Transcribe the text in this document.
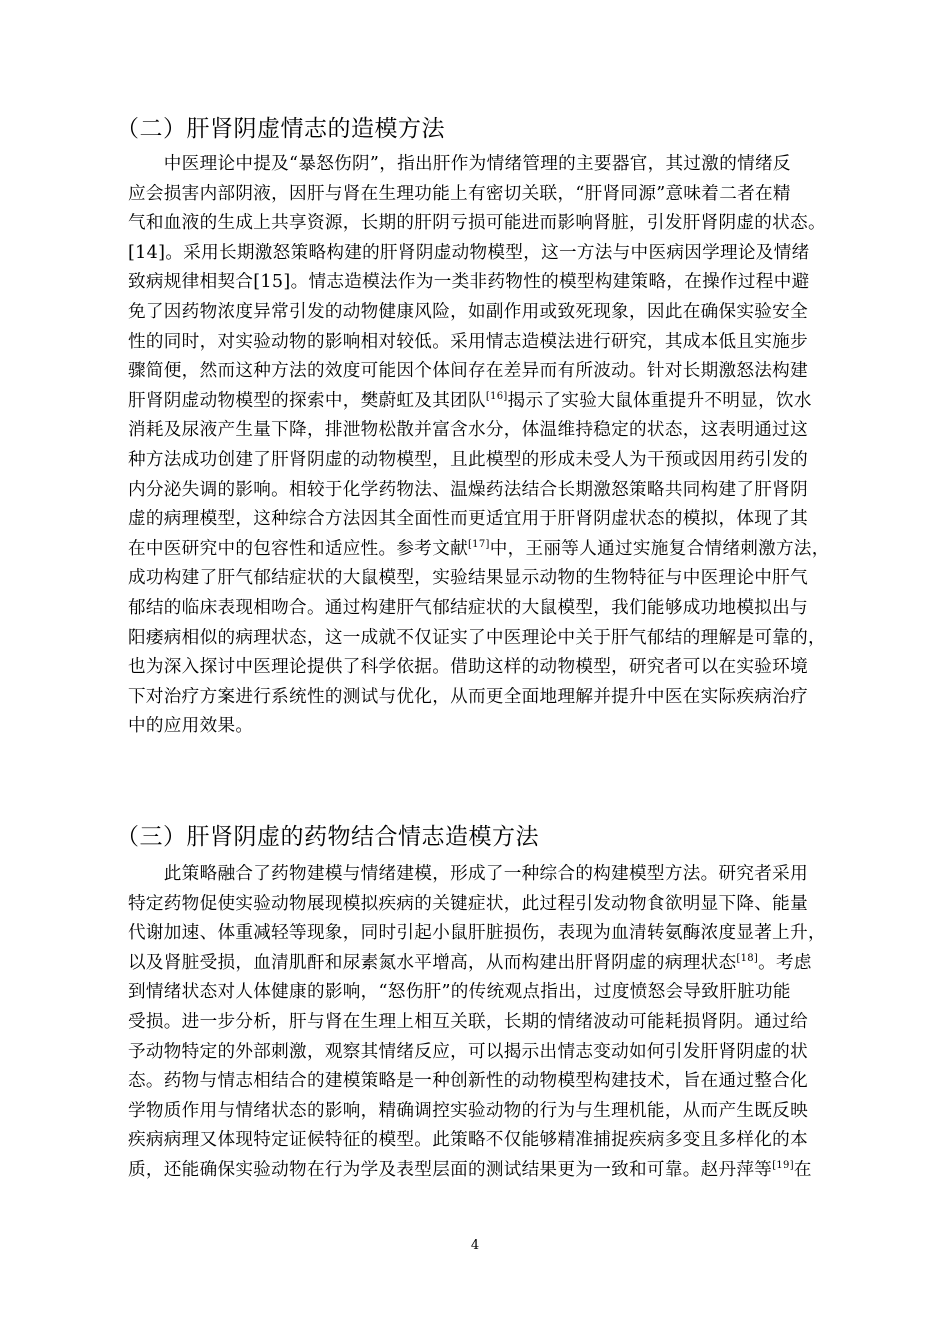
（二）肝肾阴虚情志的造模方法
　　中医理论中提及“暴怒伤阴”，指出肝作为情绪管理的主要器官，其过激的情绪反
应会损害内部阴液，因肝与肾在生理功能上有密切关联，“肝肾同源”意味着二者在精
气和血液的生成上共享资源，长期的肝阴亏损可能进而影响肾脏，引发肝肾阴虚的状态。
[14]。采用长期激怒策略构建的肝肾阴虚动物模型，这一方法与中医病因学理论及情绪
致病规律相契合[15]。情志造模法作为一类非药物性的模型构建策略，在操作过程中避
免了因药物浓度异常引发的动物健康风险，如副作用或致死现象，因此在确保实验安全
性的同时，对实验动物的影响相对较低。采用情志造模法进行研究，其成本低且实施步
骤简便，然而这种方法的效度可能因个体间存在差异而有所波动。针对长期激怒法构建
肝肾阴虚动物模型的探索中，樊蔚虹及其团队[16]揭示了实验大鼠体重提升不明显，饮水
消耗及尿液产生量下降，排泄物松散并富含水分，体温维持稳定的状态，这表明通过这
种方法成功创建了肝肾阴虚的动物模型，且此模型的形成未受人为干预或因用药引发的
内分泌失调的影响。相较于化学药物法、温燥药法结合长期激怒策略共同构建了肝肾阴
虚的病理模型，这种综合方法因其全面性而更适宜用于肝肾阴虚状态的模拟，体现了其
在中医研究中的包容性和适应性。参考文献[17]中，王丽等人通过实施复合情绪刺激方法，
成功构建了肝气郁结症状的大鼠模型，实验结果显示动物的生物特征与中医理论中肝气
郁结的临床表现相吻合。通过构建肝气郁结症状的大鼠模型，我们能够成功地模拟出与
阳痿病相似的病理状态，这一成就不仅证实了中医理论中关于肝气郁结的理解是可靠的，
也为深入探讨中医理论提供了科学依据。借助这样的动物模型，研究者可以在实验环境
下对治疗方案进行系统性的测试与优化，从而更全面地理解并提升中医在实际疾病治疗
中的应用效果。
（三）肝肾阴虚的药物结合情志造模方法
　　此策略融合了药物建模与情绪建模，形成了一种综合的构建模型方法。研究者采用
特定药物促使实验动物展现模拟疾病的关键症状，此过程引发动物食欲明显下降、能量
代谢加速、体重减轻等现象，同时引起小鼠肝脏损伤，表现为血清转氨酶浓度显著上升，
以及肾脏受损，血清肌酐和尿素氮水平增高，从而构建出肝肾阴虚的病理状态[18]。考虑
到情绪状态对人体健康的影响，“怒伤肝”的传统观点指出，过度愤怒会导致肝脏功能
受损。进一步分析，肝与肾在生理上相互关联，长期的情绪波动可能耗损肾阴。通过给
予动物特定的外部刺激，观察其情绪反应，可以揭示出情志变动如何引发肝肾阴虚的状
态。药物与情志相结合的建模策略是一种创新性的动物模型构建技术，旨在通过整合化
学物质作用与情绪状态的影响，精确调控实验动物的行为与生理机能，从而产生既反映
疾病病理又体现特定证候特征的模型。此策略不仅能够精准捕捉疾病多变且多样化的本
质，还能确保实验动物在行为学及表型层面的测试结果更为一致和可靠。赵丹萍等[19]在
4
